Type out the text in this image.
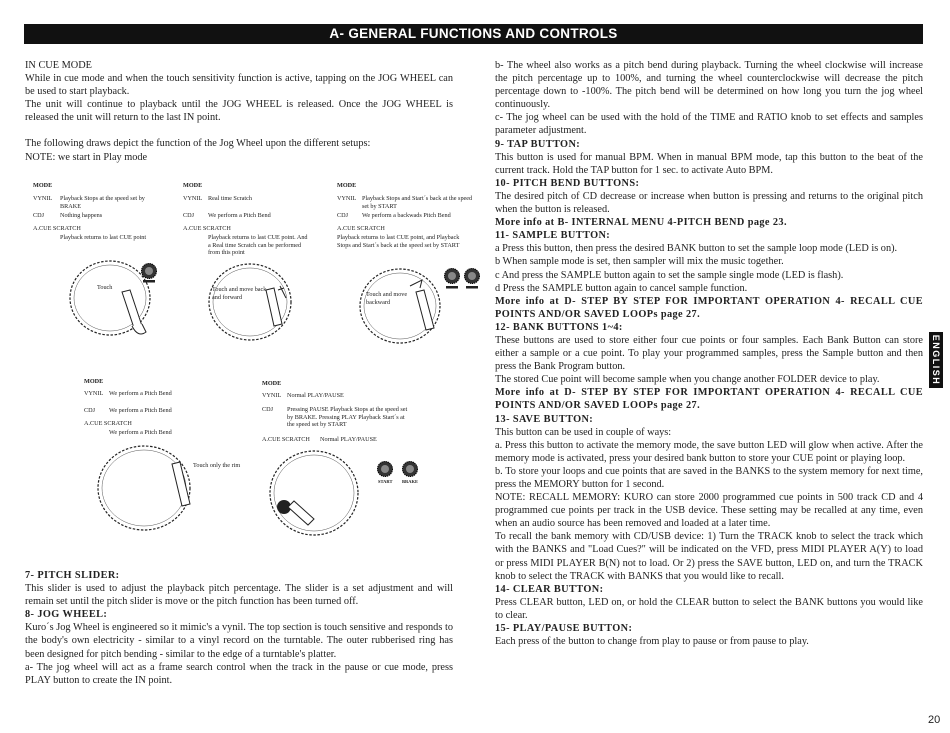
A- GENERAL FUNCTIONS AND CONTROLS

IN CUE MODE

While in cue mode and when the touch sensitivity function is active, tapping on the JOG WHEEL can be used to start playback.

The unit will continue to playback until the JOG WHEEL is released. Once the JOG WHEEL is released the unit will return to the last IN point.

The following draws depict the function of the Jog Wheel upon the different setups:

NOTE: we start in Play mode

MODE
VYNIL Playback Stops at the speed set by BRAKE
CDJ	Nothing happens
A.CUE SCRATCH
Playback returns to last CUE point
Touch
MODE
VYNIL Real time Scratch
CDJ We perform a Pitch Bend
A.CUE SCRATCH
Playback returns to last CUE point. And a Real time Scratch can be performed from this point
Touch and move back and forward
MODE
VYNIL Playback Stops and Start´s back at the speed set by START
CDJ We perform a backwads Pitch Bend
A.CUE SCRATCH
Playback returns to last CUE point, and Playback Stops and Start´s back at the speed set by START
Touch and move backward
MODE
VYNIL We perform a Pitch Bend
CDJ We perform a Pitch Bend
A.CUE SCRATCH
We perform a Pitch Bend
Touch only the rim
MODE
VYNIL Normal PLAY/PAUSE
CDJ Pressing PAUSE Playback Stops at the speed set by BRAKE. Pressing PLAY Playback Start´s at the speed set by START
A.CUE SCRATCH Normal PLAY/PAUSE
START BRAKE

7- PITCH SLIDER:

This slider is used to adjust the playback pitch percentage. The slider is a set adjustment and will remain set until the pitch slider is move or the pitch function has been turned off.

8- JOG WHEEL:

Kuro´s Jog Wheel is engineered so it mimic's a vynil. The top section is touch sensitive and responds to the body's own electricity - similar to a vinyl record on the turntable. The outer rubberised ring has been designed for pitch bending - similar to the edge of a turntable's platter.

a- The jog wheel will act as a frame search control when the track in the pause or cue mode, press PLAY button to create the IN point.

b- The wheel also works as a pitch bend during playback. Turning the wheel clockwise will increase the pitch percentage up to 100%, and turning the wheel counterclockwise will decrease the pitch percentage down to -100%. The pitch bend will be determined on how long you turn the jog wheel continuously.

c- The jog wheel can be used with the hold of the TIME and RATIO knob to set effects and samples parameter adjustment.

9- TAP BUTTON:

This button is used for manual BPM. When in manual BPM mode, tap this button to the beat of the current track. Hold the TAP button for 1 sec. to activate Auto BPM.

10- PITCH BEND BUTTONS:

The desired pitch of CD decrease or increase when button is pressing and returns to the original pitch when the button is released.

More info at B- INTERNAL MENU 4-PITCH BEND page 23.

11- SAMPLE BUTTON:

a Press this button, then press the desired BANK button to set the sample loop mode (LED is on).

b When sample mode is set, then sampler will mix the music together.

c And press the SAMPLE button again to set the sample single mode (LED is flash).

d Press the SAMPLE button again to cancel sample function.

More info at D- STEP BY STEP FOR IMPORTANT OPERATION 4- RECALL CUE POINTS AND/OR SAVED LOOPs page 27.

12- BANK BUTTONS 1~4:

These buttons are used to store either four cue points or four samples. Each Bank Button can store either a sample or a cue point. To play your programmed samples, press the Sample button and then press the Bank Program button.

The stored Cue point will become sample when you change another FOLDER device to play.

More info at D- STEP BY STEP FOR IMPORTANT OPERATION 4- RECALL CUE POINTS AND/OR SAVED LOOPs page 27.

13- SAVE BUTTON:

This button can be used in couple of ways:

a. Press this button to activate the memory mode, the save button LED will glow when active. After the memory mode is activated, press your desired bank button to store your CUE point or playing loop.

b. To store your loops and cue points that are saved in the BANKS to the system memory for next time, press the MEMORY button for 1 second.

NOTE: RECALL MEMORY: KURO can store 2000 programmed cue points in 500 track CD and 4 programmed cue points per track in the USB device. These setting may be recalled at any time, even when an audio source has been removed and loaded at a later time.

To recall the bank memory with CD/USB device: 1) Turn the TRACK knob to select the track which with the BANKS and "Load Cues?" will be indicated on the VFD, press MIDI PLAYER A(Y) to load or press MIDI PLAYER B(N) not to load. Or 2) press the SAVE button, LED on, and turn the TRACK knob to select the TRACK with BANKS that you would like to recall.

14- CLEAR BUTTON:

Press CLEAR button, LED on, or hold the CLEAR button to select the BANK buttons you would like to clear.

15- PLAY/PAUSE BUTTON:

Each press of the button to change from play to pause or from pause to play.

ENGLISH
20
